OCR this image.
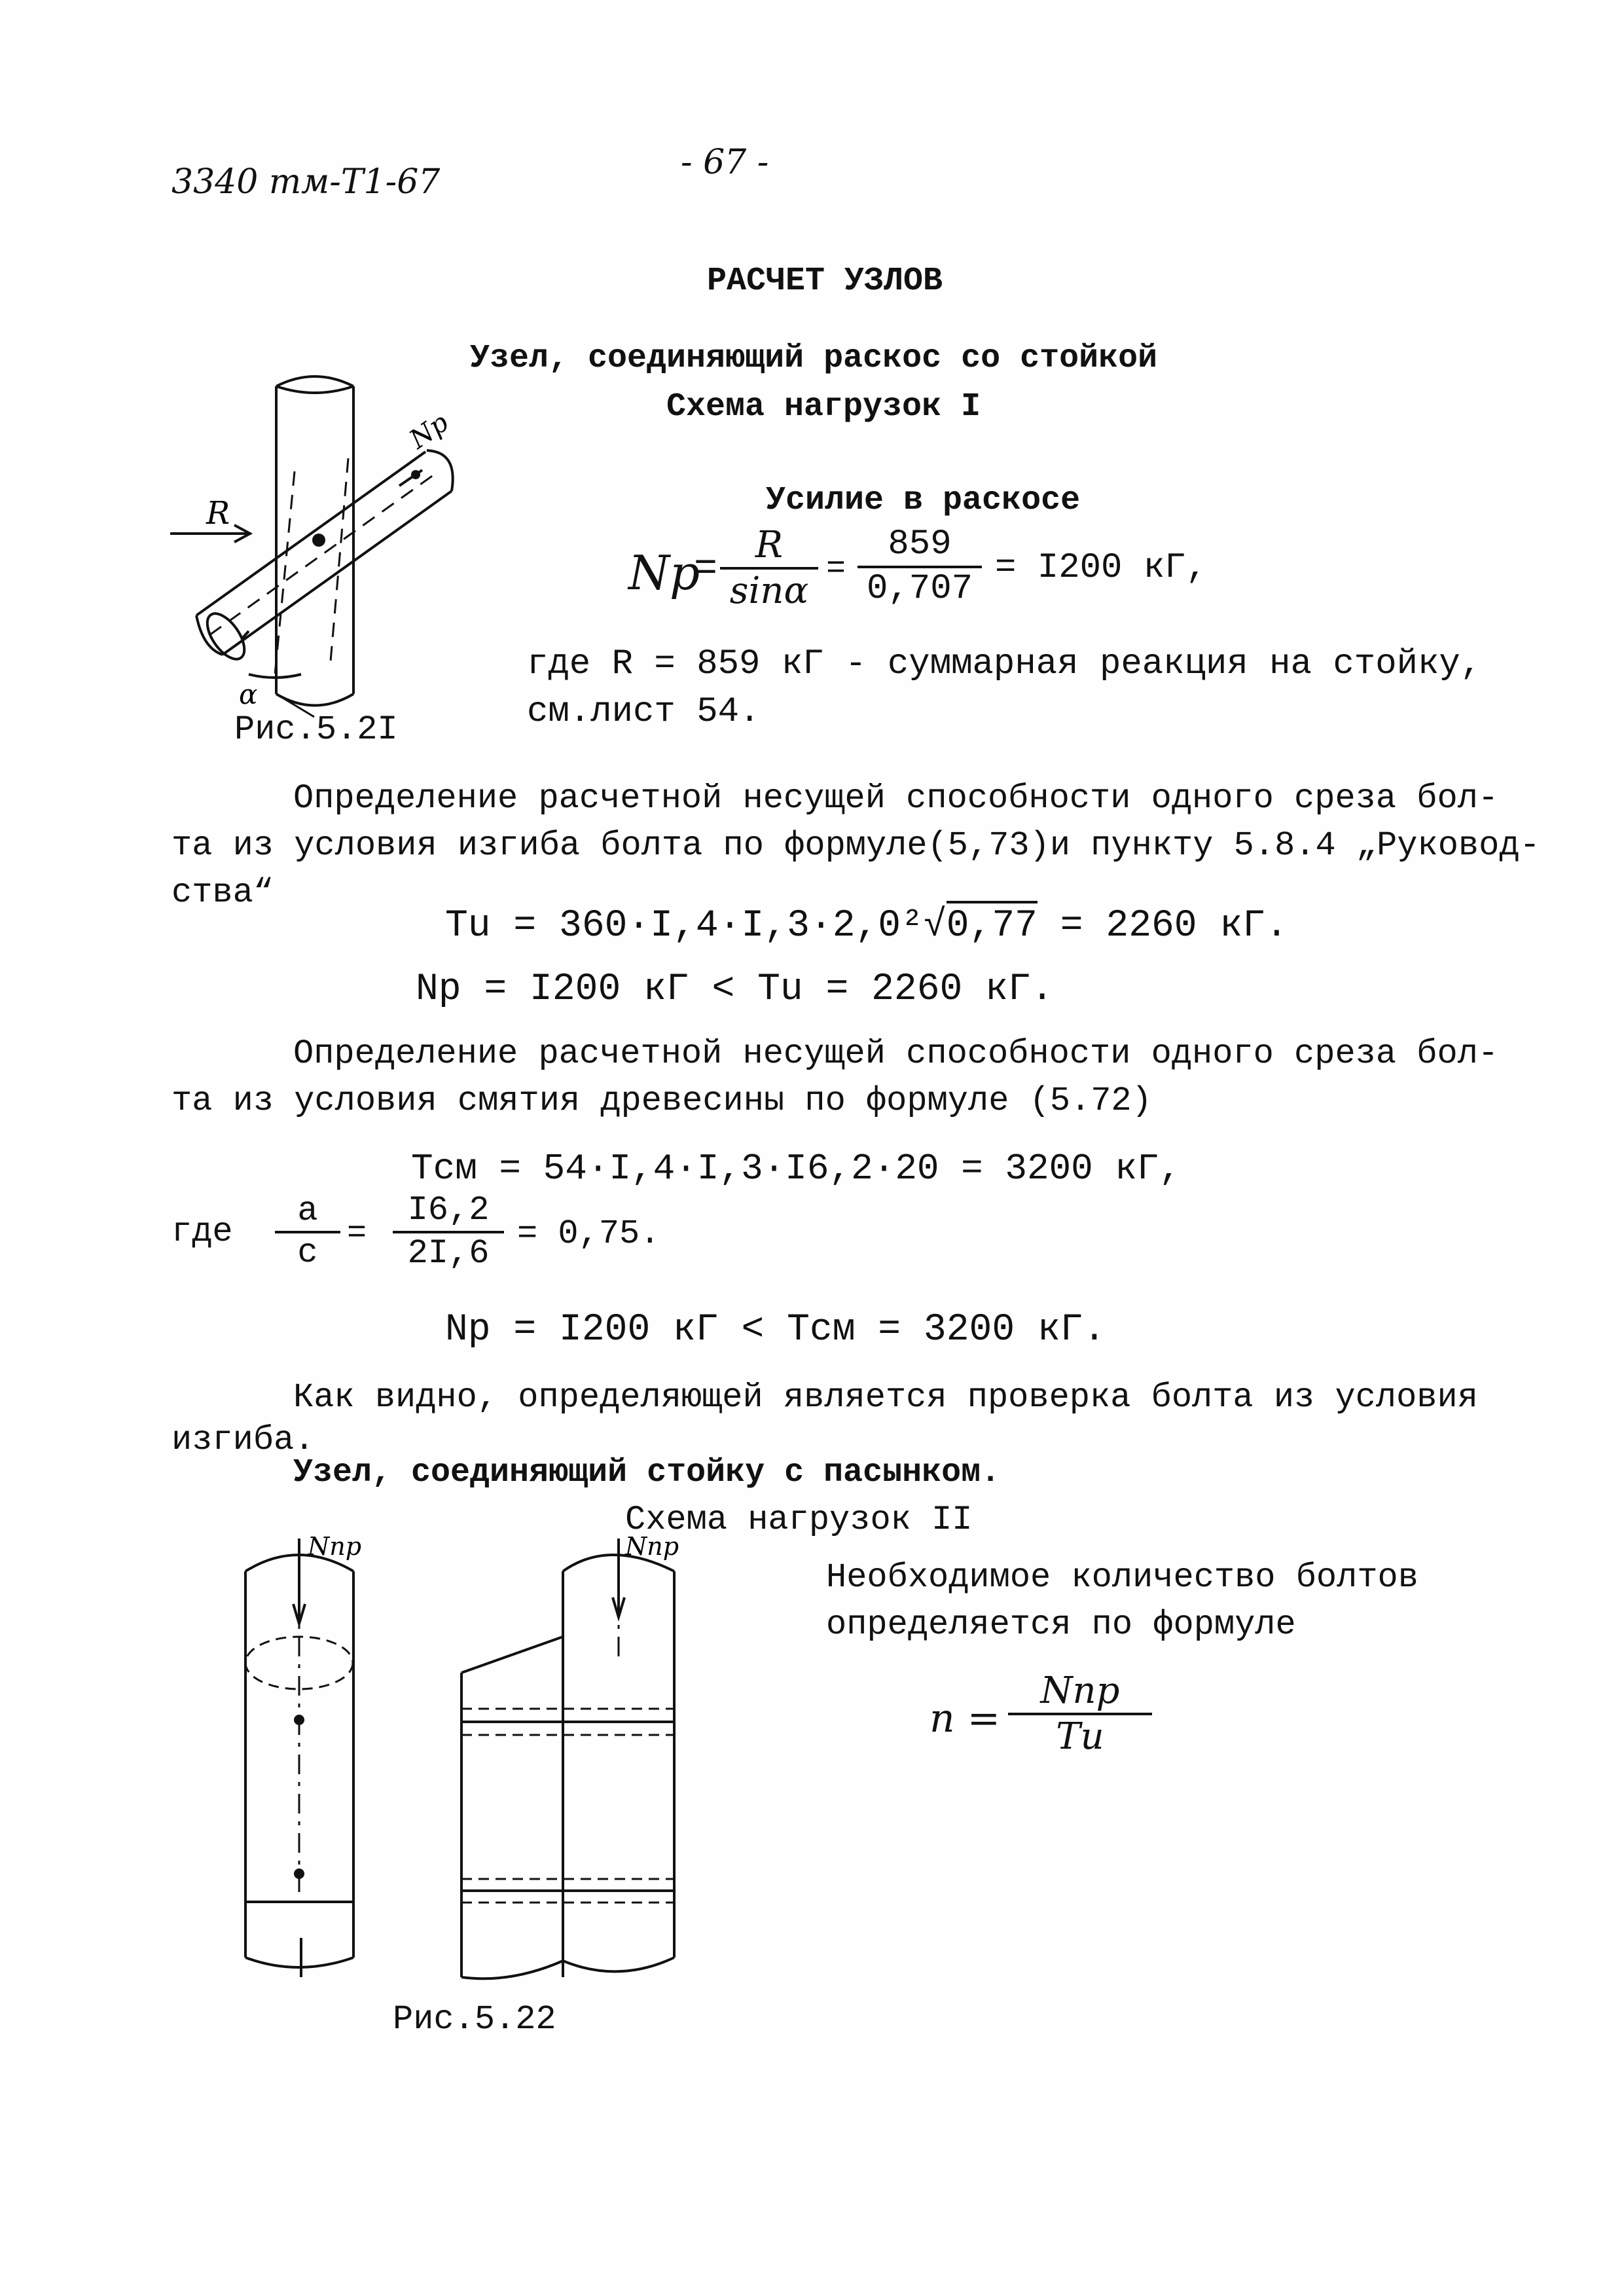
3340 тм-Т1-67	- 67 -
РАСЧЕТ УЗЛОВ
Узел, соединяющий раскос со стойкой
Схема нагрузок I
Усилие в раскосе
R
Np
α
Рис.5.2I
Np
= $\frac{R}{\sin\alpha} = \frac{859}{0,707} = I200$ кГ,
где R = 859 кГ - суммарная реакция на стойку,
см.лист 54.
Определение расчетной несущей способности одного среза бол-
та из условия изгиба болта по формуле(5,73)и пункту 5.8.4 „Руковод-
ства“
Tu = 360·I,4·I,3·2,0²√0,77 = 2260 кГ.
Np = I200 кГ < Tu = 2260 кГ.
Определение расчетной несущей способности одного среза бол-
та из условия смятия древесины по формуле (5.72)
Тсм = 54·I,4·I,3·I6,2·20 = 3200 кГ,
где $\frac{a}{c} = \frac{I6,2}{2I,6} = 0,75$.
Np = I200 кГ < Тсм = 3200 кГ.
Как видно, определяющей является проверка болта из условия
изгиба.
Узел, соединяющий стойку с пасынком.
Схема нагрузок II
Nпр	Nпр
Рис.5.22
Необходимое количество болтов
определяется по формуле
n =
Nпр
Tu
